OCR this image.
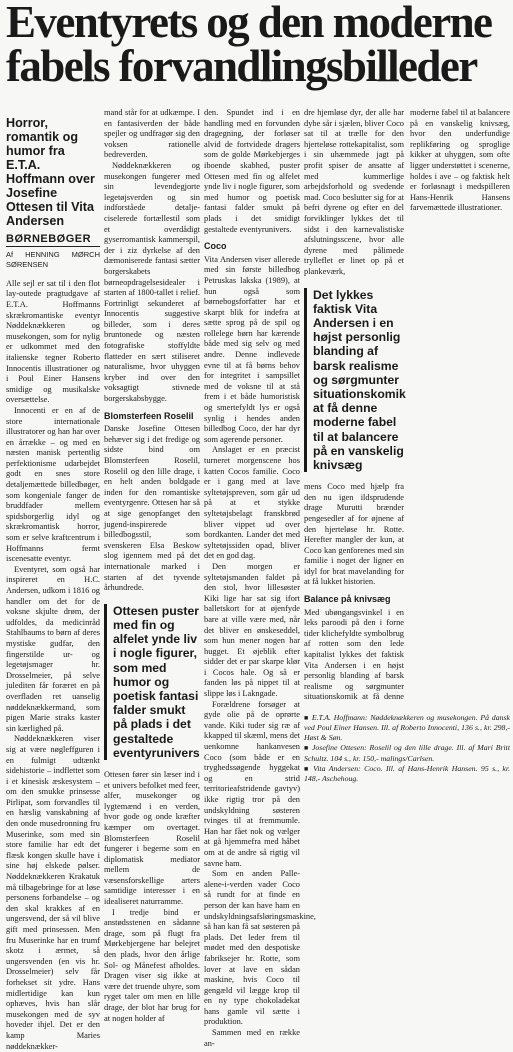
Eventyrets og den moderne
fabels forvandlingsbilleder
Horror, romantik og humor fra E.T.A. Hoffmann over Josefine Ottesen til Vita Andersen
BØRNEBØGER
Af HENNING MØRCH SØRENSEN

Alle sejl er sat til i den flot lay-outede pragtudgave af E.T.A. Hoffmanns skrækromantiske eventyr Nøddeknækkeren og musekongen, som for nylig er udkommet med den italienske tegner Roberto Innocentis illustrationer og i Poul Einer Hansens smidige og musikalske oversættelse.

Innocenti er en af de store internationale illustratorer og han har over en årrække – og med en næsten manisk pertentlig perfektionisme udarbejdet godt en snes store detaljemættede billedbøger, som kongeniale fanger de bruddfader mellem spidsborgerlig idyl og skrækromantisk horror, som er selve kraftcentrum i Hoffmanns fermt iscenesatte eventyr.

Eventyret, som også har inspireret en H.C. Andersen, udkom i 1816 og handler om det for de voksne skjulte drøm, der udfoldes, da medicinråd Stahlbaums to børn af deres mystiske gudfar, den fingerstilde ur- og legetøjsmager hr. Drosselmeier, på selve julediten får foræret en på overfladen ret uanselig nøddeknækkermand, som pigen Marie straks kaster sin kærlighed på.

Nøddeknækkeren viser sig at være nøgleffguren i en fulmigt udtænkt sidehistorie – indflettet som i et kinesisk æskesystem – om den smukke prinsesse Pirlipat, som forvandles til en hæslig vanskabning af den onde musedronning fru Muserinke, som med sin store familie har edt det flæsk kongen skulle have i sine høj elskede pølser. Nøddeknækkeren Krakatuk må tilbagebringe for at løse personens forbandelse – og den skal krakkes af en ungersvend, der så vil blive gift med prinsessen. Men fru Muserinke har en trumf skotz i ærmet, så ungersvenden (en vis hr. Drosselmeier) selv får forhekset sit ydre. Hans midlertidige kan kun ophæves, hvis han slår musekongen med de syv hoveder ihjel. Det er den kamp Maries nøddeknækker-

mand står for at udkæmpe. I en fantasiverden der både spejler og undfragør sig den voksen rationelle bedreverden.

Nøddeknækkeren og musekongen fungerer med sin levendegjorte legetøjsverden og sin indforståede detalje-ciselerede fortællestil som et overdådigt gyserromantisk kammerspil, der i ziz dyrkelse af den dæmoniserede fantasi sætter borgerskabets børneopdragelsesidealer i starten af 1800-tallet i relief. Fortrinligt sekunderet af Innocentis suggestive billeder, som i deres bruntonede og næsten fotografiske stoffyldte flatteder en sært stiliseret naturalisme, hvor uhyggen kryber ind over den voksagtigt stivnede borgerskabsbygge.

Blomsterfeen Roselil

Danske Josefine Ottesen behæver sig i det fredige og sidste bind om Blomsterfeen Roselil, Roselil og den lille drage, i en helt anden boldgade inden for den romantiske eventyrgenre. Ottesen har så at sige genopfanget den jugend-inspirerede billedbogsstil, som svenskeren Elsa Beskow slog igennem med på det internationale marked i starten af det tyvende århundrede.

Ottesen puster med fin og alfelet ynde liv i nogle figurer, som med humor og poetisk fantasi falder smukt på plads i det gestaltede eventyrunivers

Ottesen fører sin læser ind i et univers befolket med feer, alfer, musekonger og lygtemænd i en verden, hvor gode og onde kræfter kæmper om overtaget. Blomsterfeen Roselil fungerer i begerne som en diplomatisk mediator mellem de væsensforskellige arters samtidige interesser i en idealiseret naturramme.

I tredje bind er anstødsstenen en sådanne drage, som på flugt fra Mørkebjergene har belejret den plads, hvor den årlige Sol- og Månefest afholdes. Dragen viser sig ikke at være det truende uhyre, som ryget taler om men en lille drage, der blot har brug for at nogen holder af

den. Spundet ind i en handling med en forvunden dragegning, der forløser alvid de fortvidede dragers som de golde Mørkebjerges iboende skabhed, puster Ottesen med fin og alfelet ynde liv i nogle figurer, som med humor og poetisk fantasi falder smukt på plads i det smidigt gestaltede eventyrunivers.

Coco

Vita Andersen viser allerede med sin første billedbog Petruskas lakska (1989), at hun også som børnebogsforfatter har et skarpt blik for indefra at sætte sprog på de spil og rollelege børn har kærende både med sig selv og med andre. Denne indlevede evne til at få børns behov for integritet i sampsillet med de voksne til at stå frem i et både humoristisk og smertefyldt lys er også synlig i hendes anden billedbog Coco, der har dyr som agerende personer.

Anslaget er en præcist turneret morgenscene hos katten Cocos familie. Coco er i gang med at lave syltetøjspreven, som går ud på at et stykke syltetøjsbelagt franskbrød bliver vippet ud over bordkanten. Lander det med syltetøjssiden opad, bliver det en god dag.

Den morgen er syltetøjsmanden faldet på den stol, hvor lillesøster Kiki lige har sat sig ifort balletskort for at øjenfyde bare at ville være med, når det bliver en ønskeseddel, som hun mener nogen har hugget. Et øjeblik efter sidder det er par skarpe klør i Cocos hale. Og så er fanden løs på nippet til at slippe løs i Lakngade.

Forældrene forsøger at gyde olie på de oprørte vande. Kiki tuder sig ræ af kkapped til skæml, mens det uenkomne hankanvesen Coco (som både er en tryghedssøgende hyggekat og en strid territorieafstridende gavtyv) ikke rigtig tror på den undskyldning søsteren tvinges til at fremmumle. Han har fået nok og vælger at gå hjemmefra med håbet om at de andre så rigtig vil savne ham.

Som en anden Palle-alene-i-verden vader Coco så rundt for at finde en person der kan have ham en undskyldningsafsløringsmaskine, så han kan få sat søsteren på plads. Det leder frem til mødet med den despotiske fabriksejer hr. Rotte, som lover at lave en sådan maskine, hvis Coco til gengæld vil lægge krop til en ny type chokoladekat hans gamle vil sætte i produktion.

Sammen med en række an-

dre hjemløse dyr, der alle har dybe sår i sjælen, bliver Coco sat til at trælle for den hjerteløse rottekapitalist, som i sin uhæmmede jagt på profit spiser de ansatte af med kummerlige arbejdsforhold og svedende mad. Coco beslutter sig for at befri dyrene og efter en del forviklinger lykkes det til sidst i den karnevalistiske afslutningsscene, hvor alle dyrene med pålimede trylleflet er linet op på et plankeværk,

Det lykkes faktisk Vita Andersen i en højst personlig blanding af barsk realisme og sørgmunter situationskomik at få denne moderne fabel til at balancere på en vanskelig knivsæg

mens Coco med hjælp fra den nu igen ildsprudende drage Murutti brænder pengesedler af for øjnene af den hjerteløse hr. Rotte. Herefter mangler der kun, at Coco kan genforenes med sin familie i noget der ligner en idyl for brat mavelanding for at få lukket historien.

Balance på knivsæg

Med ubøngangsvinkel i en leks paroodi på den i forne tider klichefyldte symbolbrug af rotten som den lede kapitalist lykkes det faktisk Vita Andersen i en højst personlig blanding af barsk realisme og sørgmunter situationskomik at få denne moderne fabel til at balancere på en vanskelig knivsæg, hvor den underfundige replikføring og sproglige kikker at uhyggen, som ofte ligger understøttet i scenerne, holdes i ave – og faktisk helt er forløsnagt i medspilleren Hans-Henrik Hansens farvemættede illustrationer.

■ E.T.A. Hoffmann: Nøddeknækkeren og musekongen. På dansk ved Poul Einer Hansen. Ill. af Roberto Innocenti, 136 s., kr. 298,- Høst & Søn.

■ Josefine Ottesen: Roselil og den lille drage. Ill. af Mari Britt Schultz. 104 s., kr. 150,- malings/Carlsen.

■ Vita Andersen: Coco. Ill. af Hans-Henrik Hansen. 95 s., kr. 148,- Aschehoug.
